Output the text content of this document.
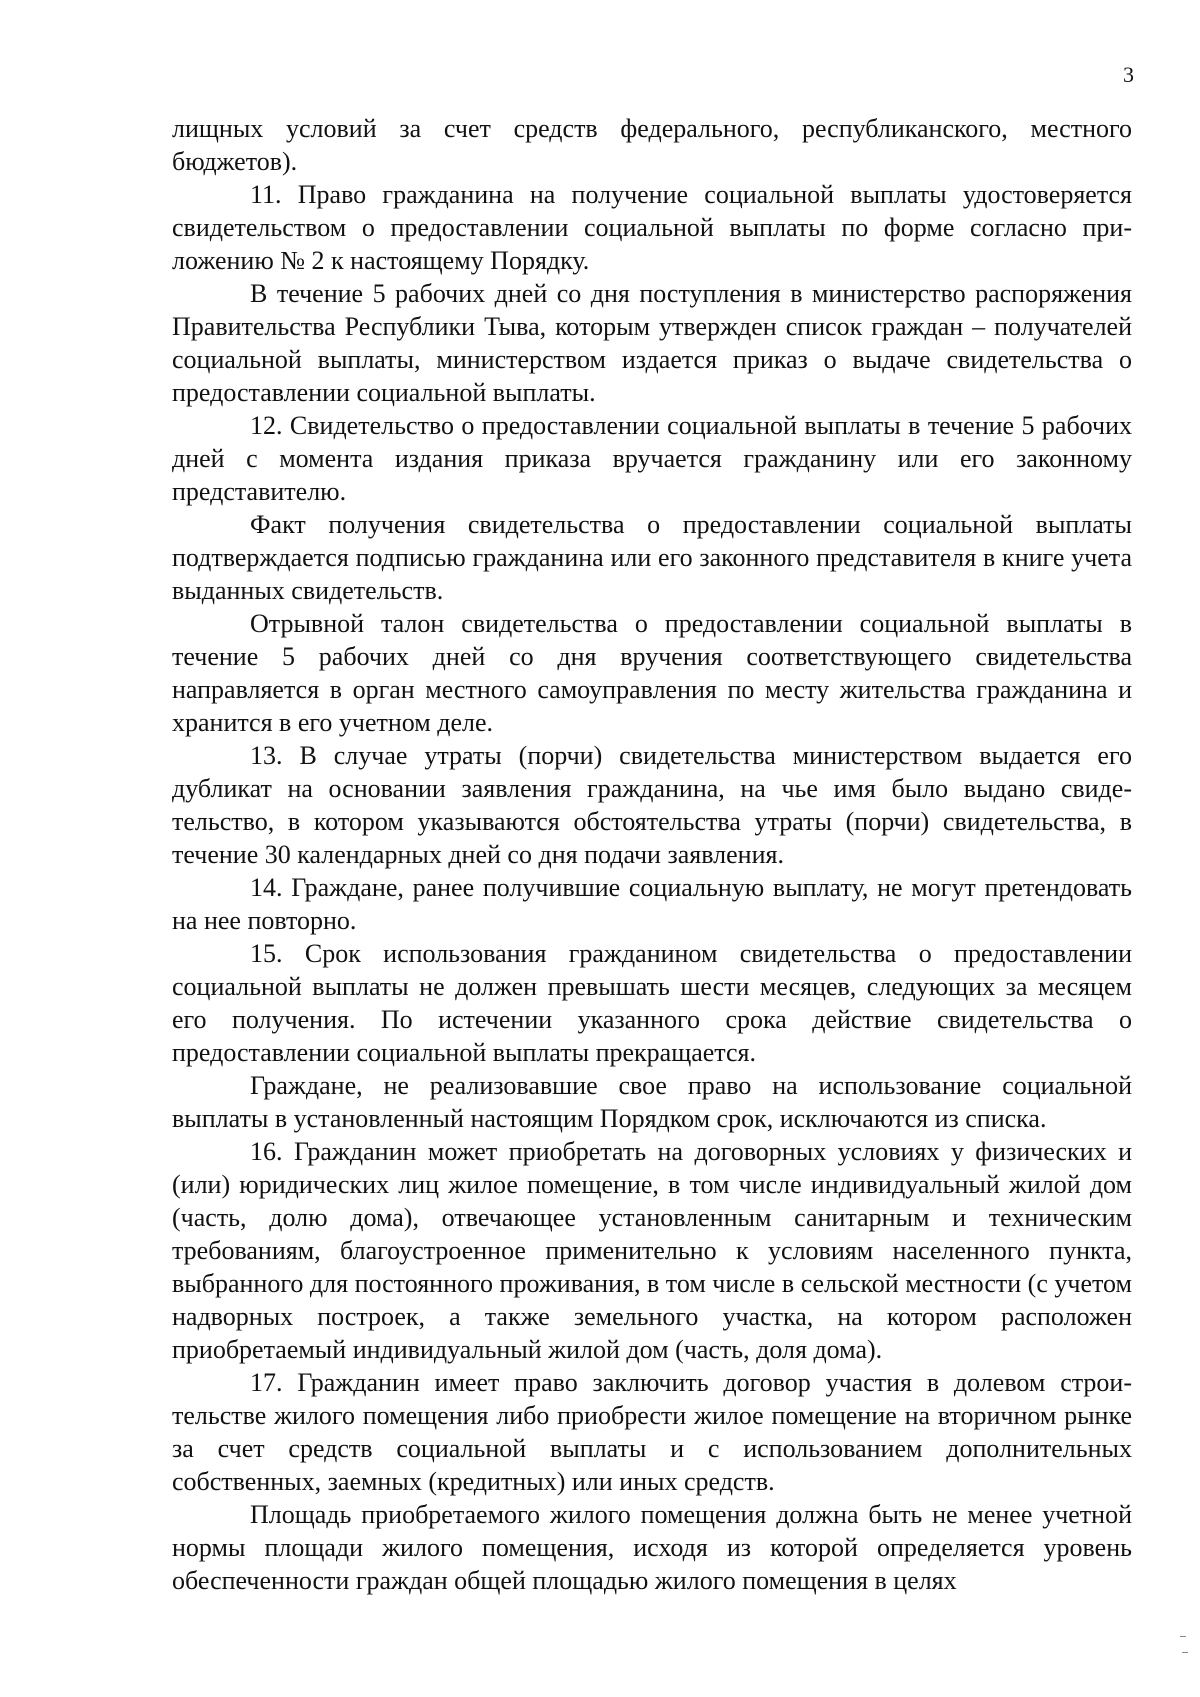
3

лищных условий за счет средств федерального, республиканского, местного бюджетов).

11. Право гражданина на получение социальной выплаты удостоверяется свидетельством о предоставлении социальной выплаты по форме согласно приложению № 2 к настоящему Порядку.

В течение 5 рабочих дней со дня поступления в министерство распоряжения Правительства Республики Тыва, которым утвержден список граждан – получателей социальной выплаты, министерством издается приказ о выдаче свидетельства о предоставлении социальной выплаты.

12. Свидетельство о предоставлении социальной выплаты в течение 5 рабочих дней с момента издания приказа вручается гражданину или его законному представителю.

Факт получения свидетельства о предоставлении социальной выплаты подтверждается подписью гражданина или его законного представителя в книге учета выданных свидетельств.

Отрывной талон свидетельства о предоставлении социальной выплаты в течение 5 рабочих дней со дня вручения соответствующего свидетельства направляется в орган местного самоуправления по месту жительства гражданина и хранится в его учетном деле.

13. В случае утраты (порчи) свидетельства министерством выдается его дубликат на основании заявления гражданина, на чье имя было выдано свидетельство, в котором указываются обстоятельства утраты (порчи) свидетельства, в течение 30 календарных дней со дня подачи заявления.

14. Граждане, ранее получившие социальную выплату, не могут претендовать на нее повторно.

15. Срок использования гражданином свидетельства о предоставлении социальной выплаты не должен превышать шести месяцев, следующих за месяцем его получения. По истечении указанного срока действие свидетельства о предоставлении социальной выплаты прекращается.

Граждане, не реализовавшие свое право на использование социальной выплаты в установленный настоящим Порядком срок, исключаются из списка.

16. Гражданин может приобретать на договорных условиях у физических и (или) юридических лиц жилое помещение, в том числе индивидуальный жилой дом (часть, долю дома), отвечающее установленным санитарным и техническим требованиям, благоустроенное применительно к условиям населенного пункта, выбранного для постоянного проживания, в том числе в сельской местности (с учетом надворных построек, а также земельного участка, на котором расположен приобретаемый индивидуальный жилой дом (часть, доля дома).

17. Гражданин имеет право заключить договор участия в долевом строительстве жилого помещения либо приобрести жилое помещение на вторичном рынке за счет средств социальной выплаты и с использованием дополнительных собственных, заемных (кредитных) или иных средств.

Площадь приобретаемого жилого помещения должна быть не менее учетной нормы площади жилого помещения, исходя из которой определяется уровень обеспеченности граждан общей площадью жилого помещения в целях
